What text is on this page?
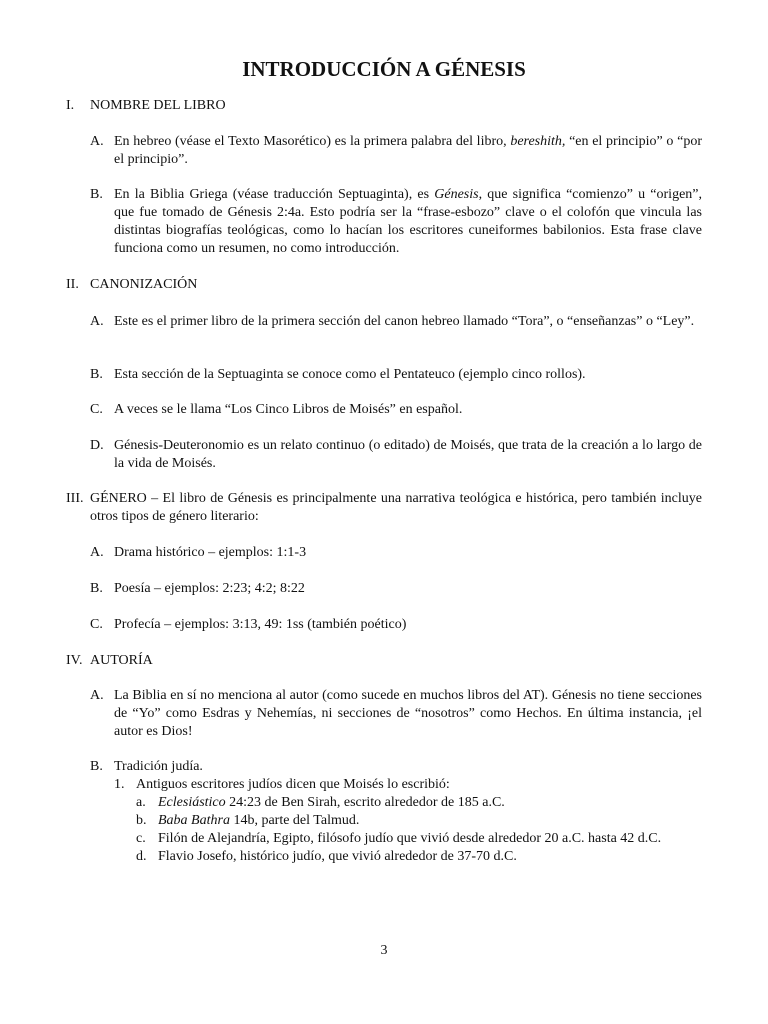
INTRODUCCIÓN A GÉNESIS
I.	NOMBRE DEL LIBRO
A. En hebreo (véase el Texto Masorético) es la primera palabra del libro, bereshith, “en el principio” o “por el principio”.
B. En la Biblia Griega (véase traducción Septuaginta), es Génesis, que significa “comienzo” u “origen”, que fue tomado de Génesis 2:4a. Esto podría ser la “frase-esbozo” clave o el colofón que vincula las distintas biografías teológicas, como lo hacían los escritores cuneiformes babilonios. Esta frase clave funciona como un resumen, no como introducción.
II. CANONIZACIÓN
A. Este es el primer libro de la primera sección del canon hebreo llamado “Tora”, o “enseñanzas” o “Ley”.
B. Esta sección de la Septuaginta se conoce como el Pentateuco (ejemplo cinco rollos).
C. A veces se le llama “Los Cinco Libros de Moisés” en español.
D. Génesis-Deuteronomio es un relato continuo (o editado) de Moisés, que trata de la creación a lo largo de la vida de Moisés.
III. GÉNERO – El libro de Génesis es principalmente una narrativa teológica e histórica, pero también incluye otros tipos de género literario:
A. Drama histórico – ejemplos: 1:1-3
B. Poesía – ejemplos: 2:23; 4:2; 8:22
C. Profecía – ejemplos: 3:13, 49: 1ss (también poético)
IV. AUTORÍA
A. La Biblia en sí no menciona al autor (como sucede en muchos libros del AT). Génesis no tiene secciones de “Yo” como Esdras y Nehemías, ni secciones de “nosotros” como Hechos. En última instancia, ¡el autor es Dios!
B. Tradición judía.
1. Antiguos escritores judíos dicen que Moisés lo escribió:
a. Eclesiástico 24:23 de Ben Sirah, escrito alrededor de 185 a.C.
b. Baba Bathra 14b, parte del Talmud.
c. Filón de Alejandría, Egipto, filósofo judío que vivió desde alrededor 20 a.C. hasta 42 d.C.
d. Flavio Josefo, histórico judío, que vivió alrededor de 37-70 d.C.
3
